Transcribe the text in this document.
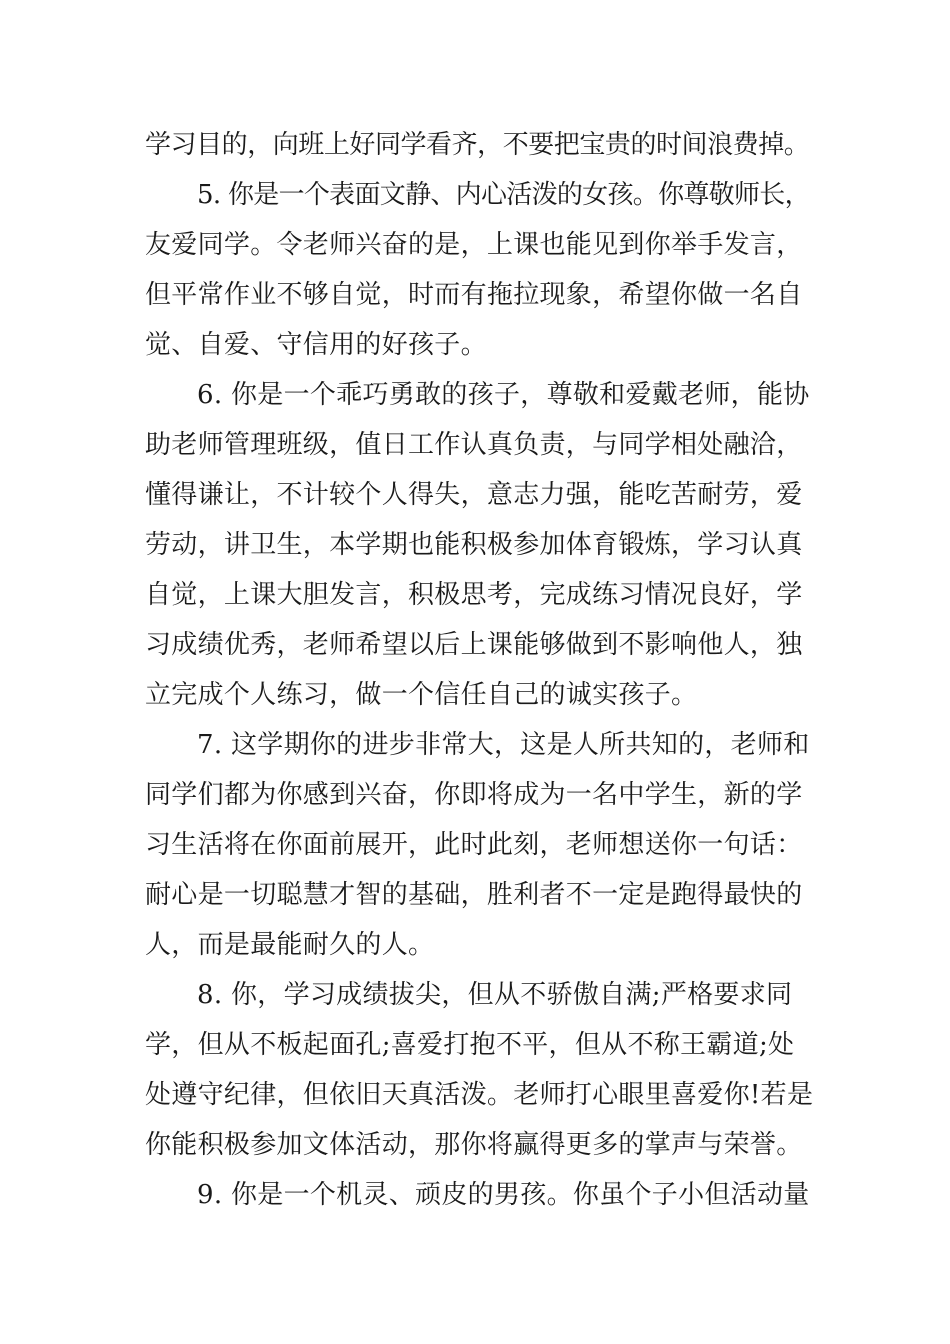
学习目的，向班上好同学看齐，不要把宝贵的时间浪费掉。
5. 你是一个表面文静、内心活泼的女孩。你尊敬师长，
友爱同学。令老师兴奋的是，上课也能见到你举手发言，
但平常作业不够自觉，时而有拖拉现象，希望你做一名自
觉、自爱、守信用的好孩子。
6. 你是一个乖巧勇敢的孩子，尊敬和爱戴老师，能协
助老师管理班级，值日工作认真负责，与同学相处融洽，
懂得谦让，不计较个人得失，意志力强，能吃苦耐劳，爱
劳动，讲卫生，本学期也能积极参加体育锻炼，学习认真
自觉，上课大胆发言，积极思考，完成练习情况良好，学
习成绩优秀，老师希望以后上课能够做到不影响他人，独
立完成个人练习，做一个信任自己的诚实孩子。
7. 这学期你的进步非常大，这是人所共知的，老师和
同学们都为你感到兴奋，你即将成为一名中学生，新的学
习生活将在你面前展开，此时此刻，老师想送你一句话：
耐心是一切聪慧才智的基础，胜利者不一定是跑得最快的
人，而是最能耐久的人。
8. 你，学习成绩拔尖，但从不骄傲自满;严格要求同
学，但从不板起面孔;喜爱打抱不平，但从不称王霸道;处
处遵守纪律，但依旧天真活泼。老师打心眼里喜爱你!若是
你能积极参加文体活动，那你将赢得更多的掌声与荣誉。
9. 你是一个机灵、顽皮的男孩。你虽个子小但活动量
